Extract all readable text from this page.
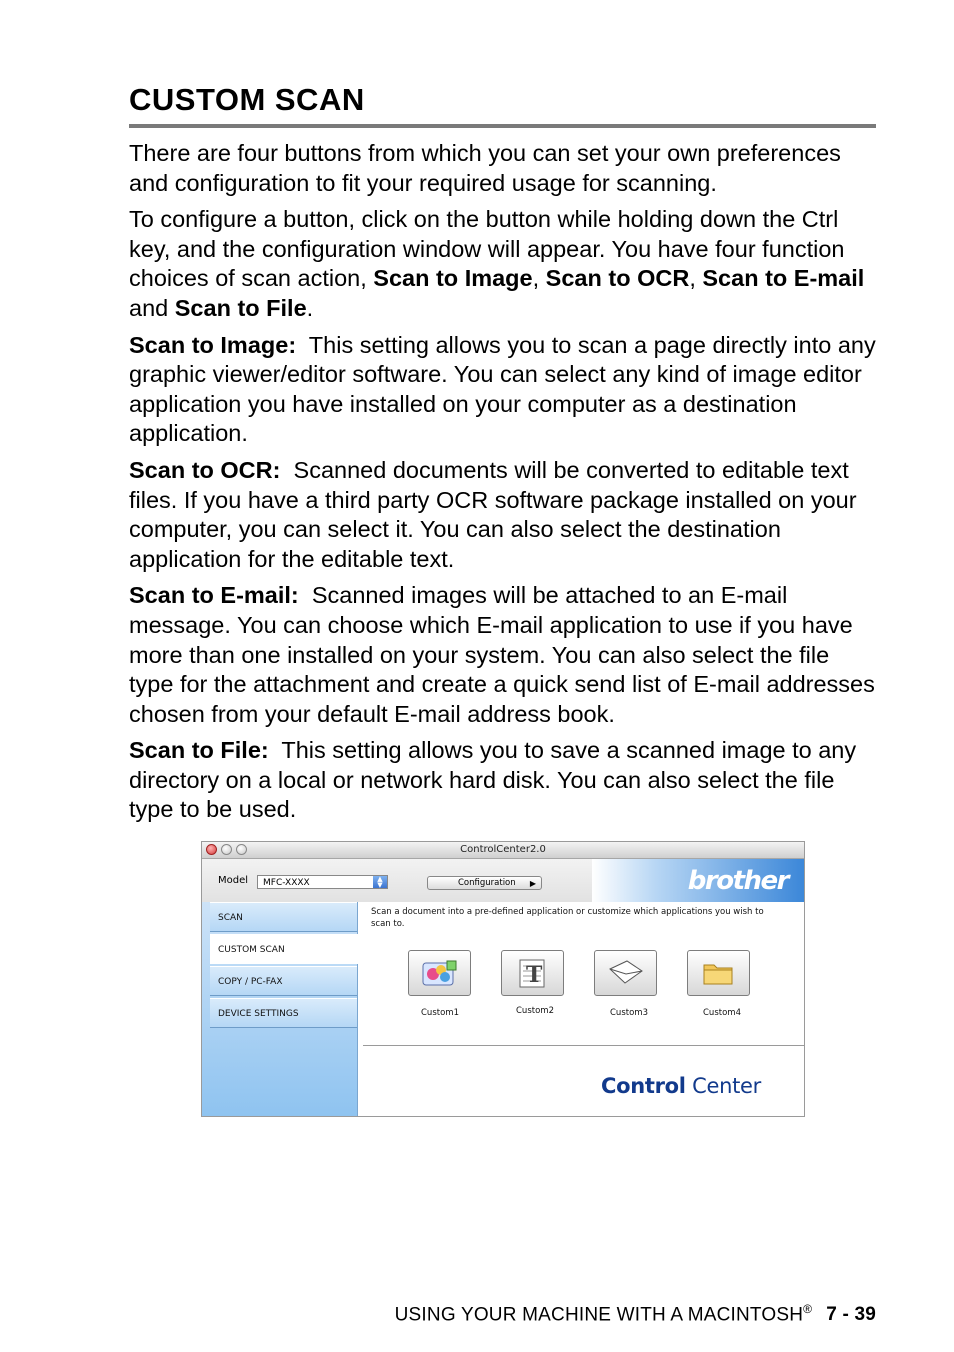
CUSTOM SCAN

There are four buttons from which you can set your own preferences and configuration to fit your required usage for scanning.

To configure a button, click on the button while holding down the Ctrl key, and the configuration window will appear. You have four function choices of scan action, Scan to Image, Scan to OCR, Scan to E-mail and Scan to File.

Scan to Image: This setting allows you to scan a page directly into any graphic viewer/editor software. You can select any kind of image editor application you have installed on your computer as a destination application.

Scan to OCR: Scanned documents will be converted to editable text files. If you have a third party OCR software package installed on your computer, you can select it. You can also select the destination application for the editable text.

Scan to E-mail: Scanned images will be attached to an E-mail message. You can choose which E-mail application to use if you have more than one installed on your system. You can also select the file type for the attachment and create a quick send list of E-mail addresses chosen from your default E-mail address book.

Scan to File: This setting allows you to save a scanned image to any directory on a local or network hard disk. You can also select the file type to be used.

ControlCenter2.0
Model	MFC-XXXX	▲
▼	Configuration ▶	brother
SCAN
CUSTOM SCAN
COPY / PC-FAX
DEVICE SETTINGS
Scan a document into a pre-defined application or customize which applications you wish to scan to.
T
Custom1	Custom2	Custom3	Custom4
Control Center
USING YOUR MACHINE WITH A MACINTOSH® 7 - 39
